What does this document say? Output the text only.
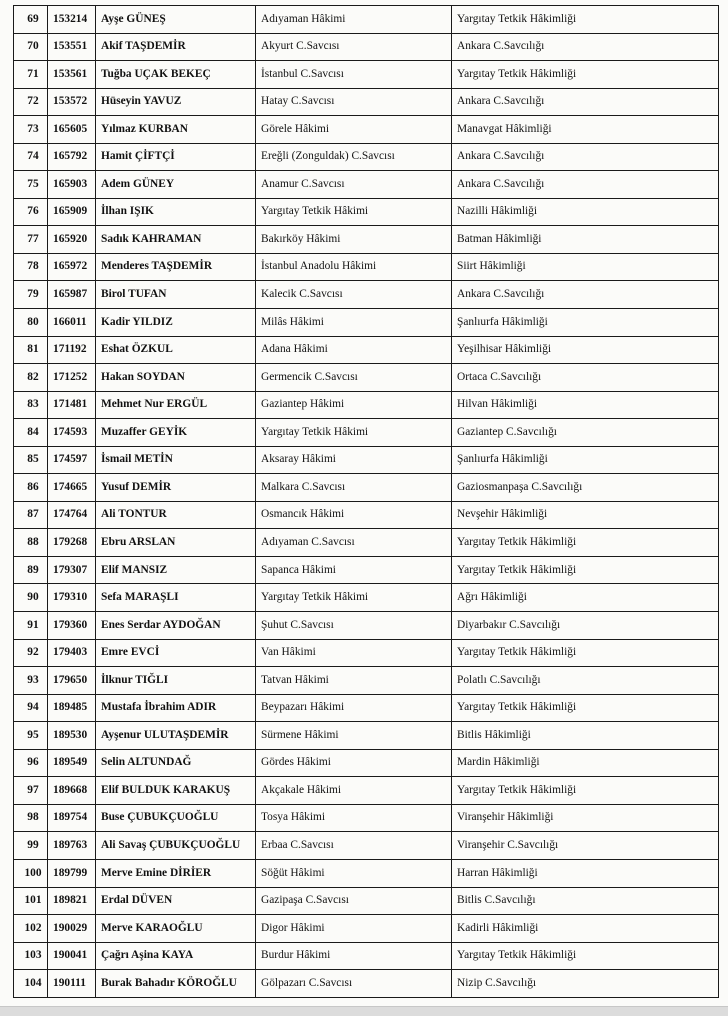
69	153214	Ayşe GÜNEŞ	Adıyaman Hâkimi	Yargıtay Tetkik Hâkimliği
70	153551	Akif TAŞDEMİR	Akyurt C.Savcısı	Ankara C.Savcılığı
71	153561	Tuğba UÇAK BEKEÇ	İstanbul C.Savcısı	Yargıtay Tetkik Hâkimliği
72	153572	Hüseyin YAVUZ	Hatay C.Savcısı	Ankara C.Savcılığı
73	165605	Yılmaz KURBAN	Görele Hâkimi	Manavgat Hâkimliği
74	165792	Hamit ÇİFTÇİ	Ereğli (Zonguldak) C.Savcısı	Ankara C.Savcılığı
75	165903	Adem GÜNEY	Anamur C.Savcısı	Ankara C.Savcılığı
76	165909	İlhan IŞIK	Yargıtay Tetkik Hâkimi	Nazilli Hâkimliği
77	165920	Sadık KAHRAMAN	Bakırköy Hâkimi	Batman Hâkimliği
78	165972	Menderes TAŞDEMİR	İstanbul Anadolu Hâkimi	Siirt Hâkimliği
79	165987	Birol TUFAN	Kalecik C.Savcısı	Ankara C.Savcılığı
80	166011	Kadir YILDIZ	Milâs Hâkimi	Şanlıurfa Hâkimliği
81	171192	Eshat ÖZKUL	Adana Hâkimi	Yeşilhisar Hâkimliği
82	171252	Hakan SOYDAN	Germencik C.Savcısı	Ortaca C.Savcılığı
83	171481	Mehmet Nur ERGÜL	Gaziantep Hâkimi	Hilvan Hâkimliği
84	174593	Muzaffer GEYİK	Yargıtay Tetkik Hâkimi	Gaziantep C.Savcılığı
85	174597	İsmail METİN	Aksaray Hâkimi	Şanlıurfa Hâkimliği
86	174665	Yusuf DEMİR	Malkara C.Savcısı	Gaziosmanpaşa C.Savcılığı
87	174764	Ali TONTUR	Osmancık Hâkimi	Nevşehir Hâkimliği
88	179268	Ebru ARSLAN	Adıyaman C.Savcısı	Yargıtay Tetkik Hâkimliği
89	179307	Elif MANSIZ	Sapanca Hâkimi	Yargıtay Tetkik Hâkimliği
90	179310	Sefa MARAŞLI	Yargıtay Tetkik Hâkimi	Ağrı Hâkimliği
91	179360	Enes Serdar AYDOĞAN	Şuhut C.Savcısı	Diyarbakır C.Savcılığı
92	179403	Emre EVCİ	Van Hâkimi	Yargıtay Tetkik Hâkimliği
93	179650	İlknur TIĞLI	Tatvan Hâkimi	Polatlı C.Savcılığı
94	189485	Mustafa İbrahim ADIR	Beypazarı Hâkimi	Yargıtay Tetkik Hâkimliği
95	189530	Ayşenur ULUTAŞDEMİR	Sürmene Hâkimi	Bitlis Hâkimliği
96	189549	Selin ALTUNDAĞ	Gördes Hâkimi	Mardin Hâkimliği
97	189668	Elif BULDUK KARAKUŞ	Akçakale Hâkimi	Yargıtay Tetkik Hâkimliği
98	189754	Buse ÇUBUKÇUOĞLU	Tosya Hâkimi	Viranşehir Hâkimliği
99	189763	Ali Savaş ÇUBUKÇUOĞLU	Erbaa C.Savcısı	Viranşehir C.Savcılığı
100	189799	Merve Emine DİRİER	Söğüt Hâkimi	Harran Hâkimliği
101	189821	Erdal DÜVEN	Gazipaşa C.Savcısı	Bitlis C.Savcılığı
102	190029	Merve KARAOĞLU	Digor Hâkimi	Kadirli Hâkimliği
103	190041	Çağrı Aşina KAYA	Burdur Hâkimi	Yargıtay Tetkik Hâkimliği
104	190111	Burak Bahadır KÖROĞLU	Gölpazarı C.Savcısı	Nizip C.Savcılığı
